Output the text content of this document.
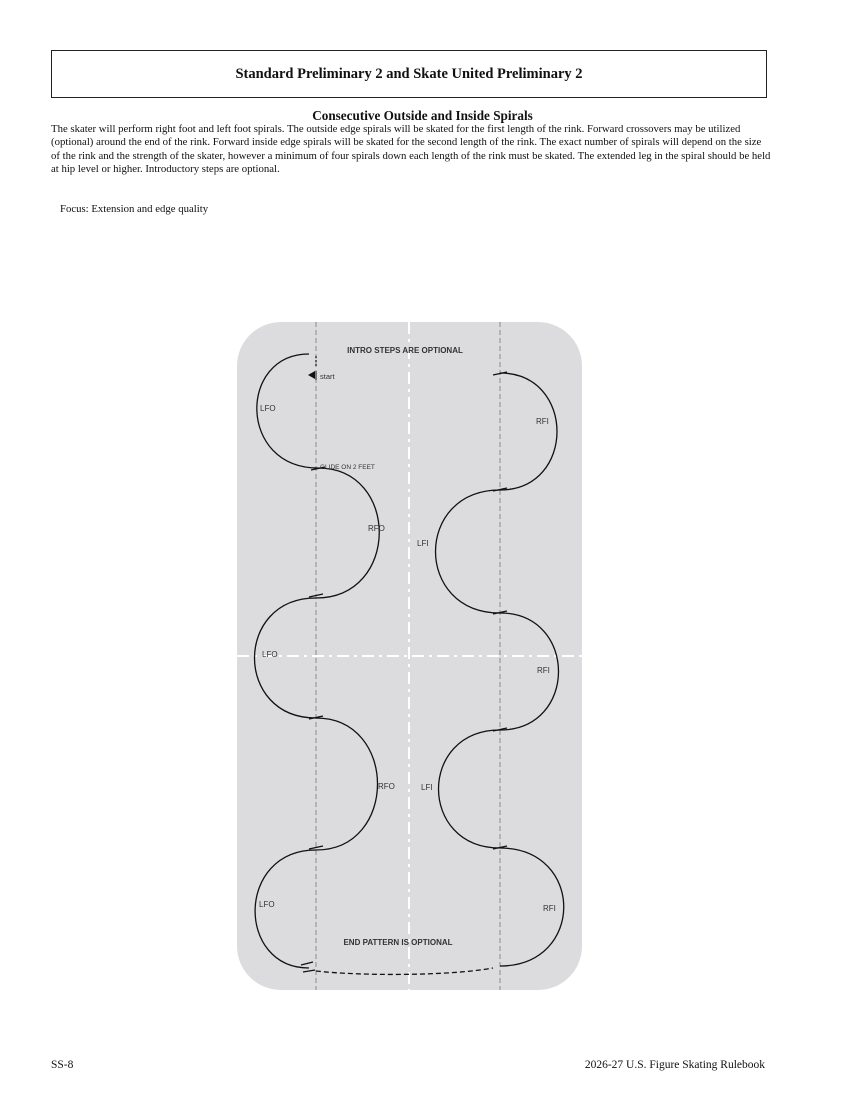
Standard Preliminary 2 and Skate United Preliminary 2
Consecutive Outside and Inside Spirals
The skater will perform right foot and left foot spirals. The outside edge spirals will be skated for the first length of the rink. Forward crossovers may be utilized (optional) around the end of the rink. Forward inside edge spirals will be skated for the second length of the rink. The exact number of spirals will depend on the size of the rink and the strength of the skater, however a minimum of four spirals down each length of the rink must be skated. The extended leg in the spiral should be held at hip level or higher. Introductory steps are optional.
Focus: Extension and edge quality
INTRO STEPS ARE OPTIONAL
start
GLIDE ON 2 FEET
END PATTERN IS OPTIONAL
LFO
RFO
LFO
RFO
LFO
RFI
LFI
RFI
LFI
RFI
SS-8	2026-27 U.S. Figure Skating Rulebook
